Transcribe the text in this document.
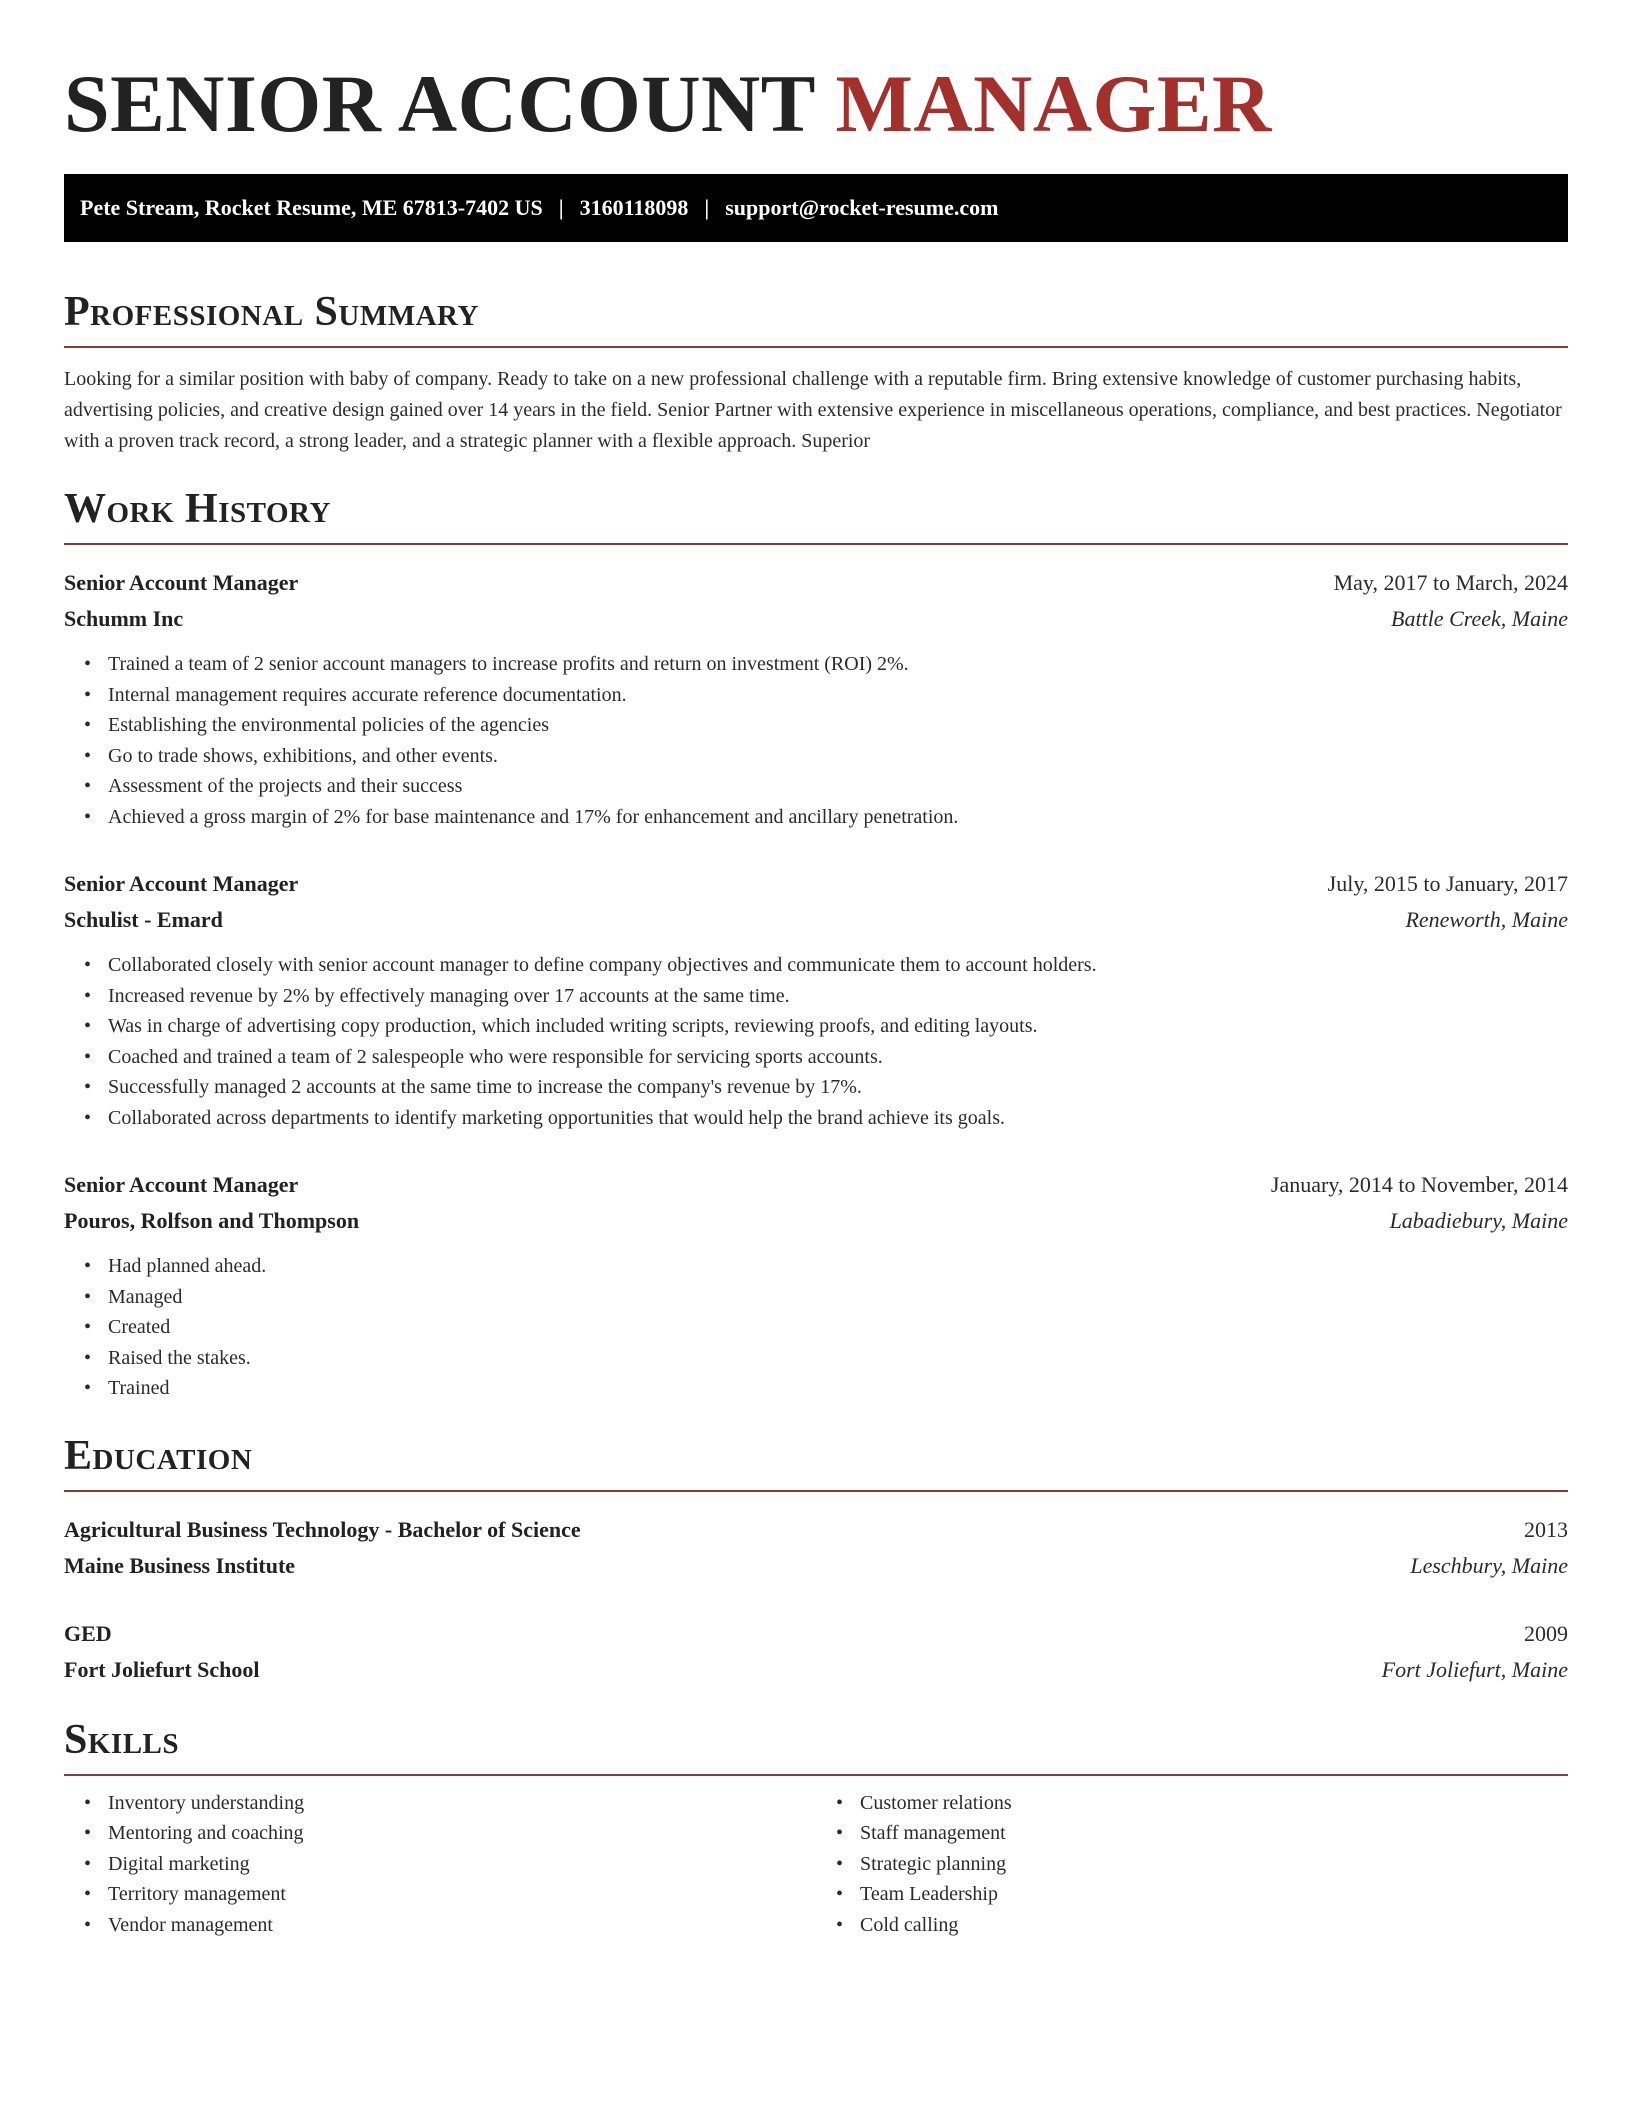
SENIOR ACCOUNT MANAGER
Pete Stream, Rocket Resume, ME 67813-7402 US | 3160118098 | support@rocket-resume.com
Professional Summary

Looking for a similar position with baby of company. Ready to take on a new professional challenge with a reputable firm. Bring extensive knowledge of customer purchasing habits, advertising policies, and creative design gained over 14 years in the field. Senior Partner with extensive experience in miscellaneous operations, compliance, and best practices. Negotiator with a proven track record, a strong leader, and a strategic planner with a flexible approach. Superior

Work History
Senior Account Manager	May, 2017 to March, 2024
Schumm Inc	Battle Creek, Maine
• Trained a team of 2 senior account managers to increase profits and return on investment (ROI) 2%.
• Internal management requires accurate reference documentation.
• Establishing the environmental policies of the agencies
• Go to trade shows, exhibitions, and other events.
• Assessment of the projects and their success
• Achieved a gross margin of 2% for base maintenance and 17% for enhancement and ancillary penetration.
Senior Account Manager	July, 2015 to January, 2017
Schulist - Emard	Reneworth, Maine
• Collaborated closely with senior account manager to define company objectives and communicate them to account holders.
• Increased revenue by 2% by effectively managing over 17 accounts at the same time.
• Was in charge of advertising copy production, which included writing scripts, reviewing proofs, and editing layouts.
• Coached and trained a team of 2 salespeople who were responsible for servicing sports accounts.
• Successfully managed 2 accounts at the same time to increase the company's revenue by 17%.
• Collaborated across departments to identify marketing opportunities that would help the brand achieve its goals.
Senior Account Manager	January, 2014 to November, 2014
Pouros, Rolfson and Thompson	Labadiebury, Maine
• Had planned ahead.
• Managed
• Created
• Raised the stakes.
• Trained
Education
Agricultural Business Technology - Bachelor of Science	2013
Maine Business Institute	Leschbury, Maine
GED	2009
Fort Joliefurt School	Fort Joliefurt, Maine
Skills
• Inventory understanding
• Mentoring and coaching
• Digital marketing
• Territory management
• Vendor management
• Customer relations
• Staff management
• Strategic planning
• Team Leadership
• Cold calling
